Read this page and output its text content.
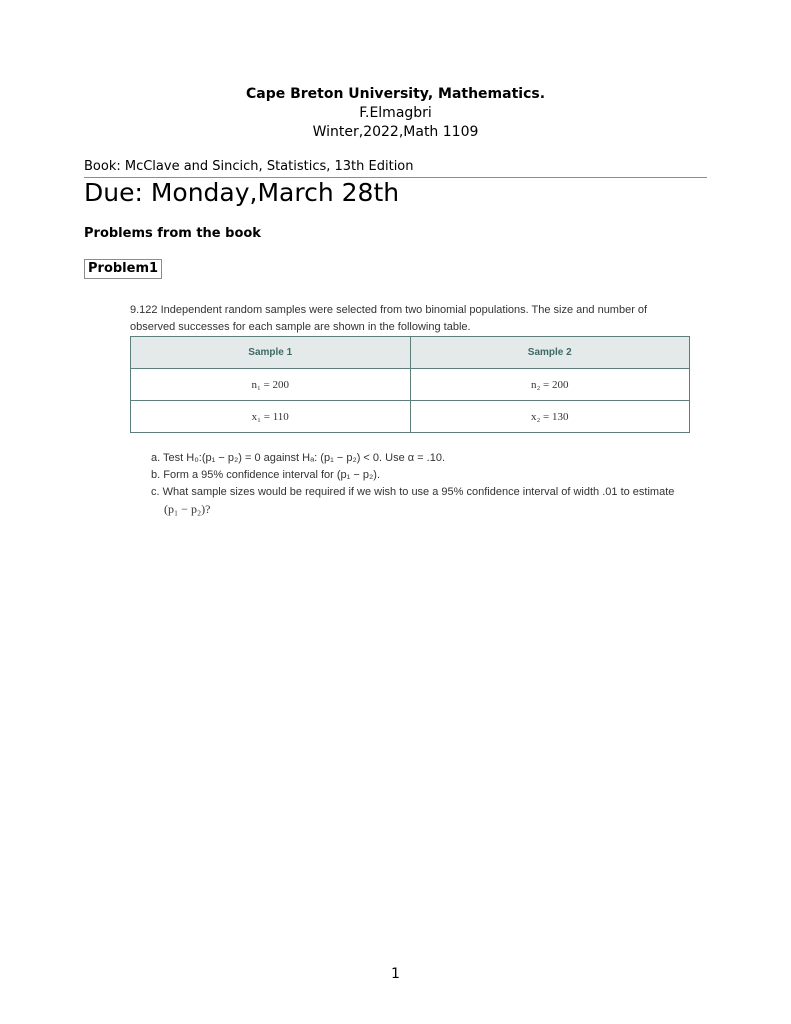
Cape Breton University, Mathematics.
F.Elmagbri
Winter,2022,Math 1109
Book: McClave and Sincich, Statistics, 13th Edition
Due: Monday,March 28th
Problems from the book
Problem1
9.122 Independent random samples were selected from two binomial populations. The size and number of observed successes for each sample are shown in the following table.
Sample 1	Sample 2
n₁ = 200	n₂ = 200
x₁ = 110	x₂ = 130
a. Test H₀:(p₁ − p₂) = 0 against Hₐ: (p₁ − p₂) < 0. Use α = .10.
b. Form a 95% confidence interval for (p₁ − p₂).
c. What sample sizes would be required if we wish to use a 95% confidence interval of width .01 to estimate
(p₁ − p₂)?
1
